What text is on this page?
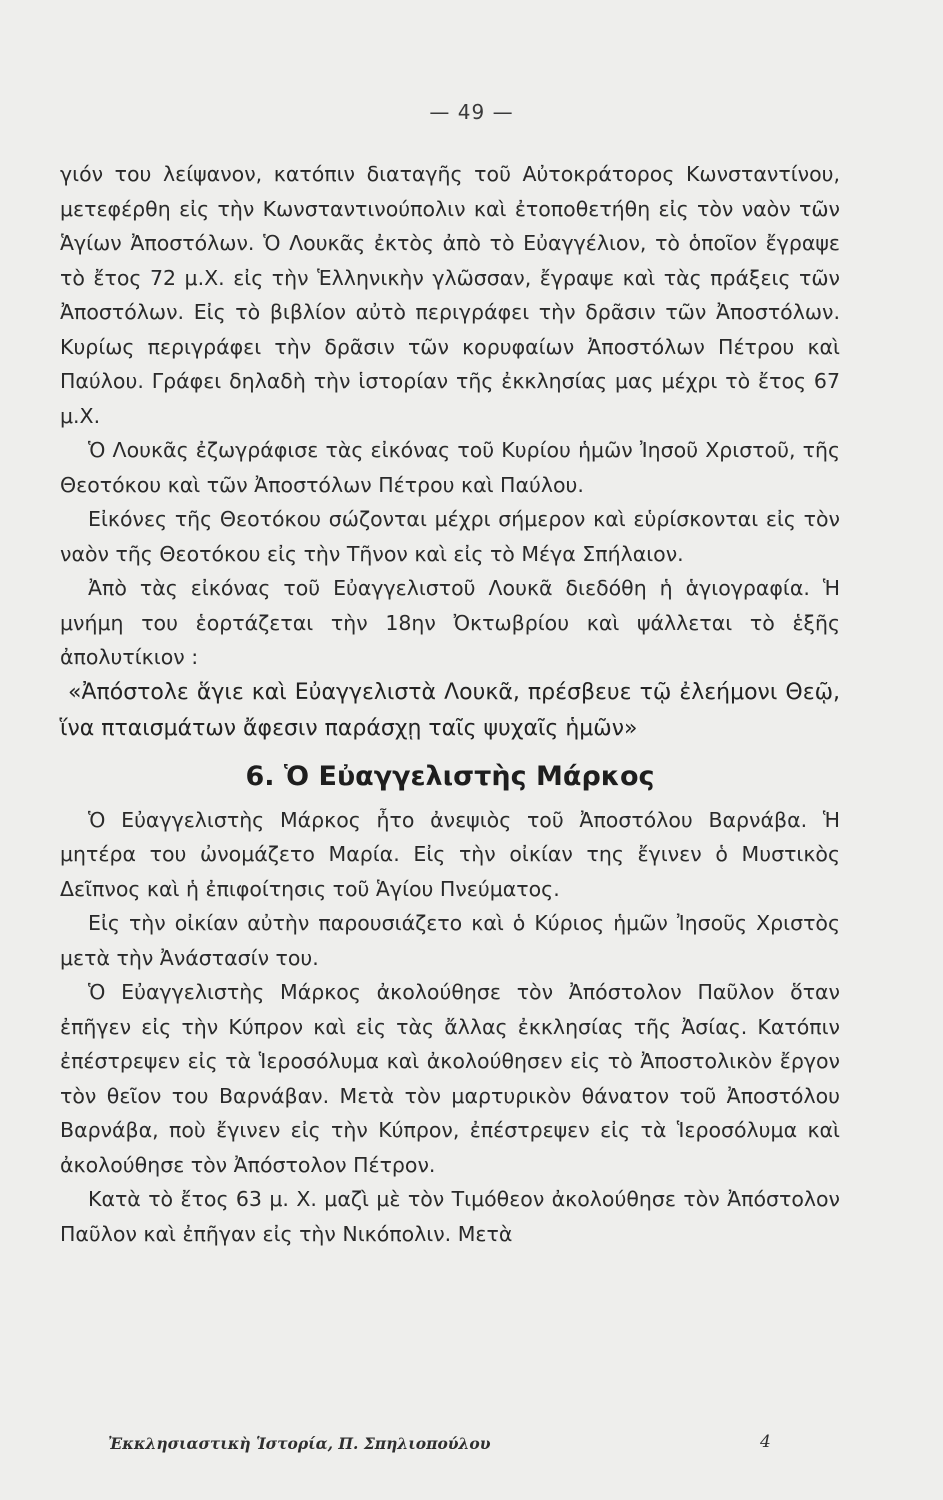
— 49 —

γιόν του λείψανον, κατόπιν διαταγῆς τοῦ Αὐτοκράτορος Κωνσταντίνου, μετεφέρθη εἰς τὴν Κωνσταντινούπολιν καὶ ἐτοποθετήθη εἰς τὸν ναὸν τῶν Ἁγίων Ἀποστόλων. Ὁ Λουκᾶς ἐκτὸς ἀπὸ τὸ Εὐαγγέλιον, τὸ ὁποῖον ἔγραψε τὸ ἔτος 72 μ.Χ. εἰς τὴν Ἑλληνικὴν γλῶσσαν, ἔγραψε καὶ τὰς πράξεις τῶν Ἀποστόλων. Εἰς τὸ βιβλίον αὐτὸ περιγράφει τὴν δρᾶσιν τῶν Ἀποστόλων. Κυρίως περιγράφει τὴν δρᾶσιν τῶν κορυφαίων Ἀποστόλων Πέτρου καὶ Παύλου. Γράφει δηλαδὴ τὴν ἱστορίαν τῆς ἐκκλησίας μας μέχρι τὸ ἔτος 67 μ.Χ.

Ὁ Λουκᾶς ἐζωγράφισε τὰς εἰκόνας τοῦ Κυρίου ἡμῶν Ἰησοῦ Χριστοῦ, τῆς Θεοτόκου καὶ τῶν Ἀποστόλων Πέτρου καὶ Παύλου.

Εἰκόνες τῆς Θεοτόκου σώζονται μέχρι σήμερον καὶ εὑρίσκονται εἰς τὸν ναὸν τῆς Θεοτόκου εἰς τὴν Τῆνον καὶ εἰς τὸ Μέγα Σπήλαιον.

Ἀπὸ τὰς εἰκόνας τοῦ Εὐαγγελιστοῦ Λουκᾶ διεδόθη ἡ ἁγιογραφία. Ἡ μνήμη του ἑορτάζεται τὴν 18ην Ὀκτωβρίου καὶ ψάλλεται τὸ ἑξῆς ἀπολυτίκιον :

«Ἀπόστολε ἅγιε καὶ Εὐαγγελιστὰ Λουκᾶ, πρέσβευε τῷ ἐλεήμονι Θεῷ, ἵνα πταισμάτων ἄφεσιν παράσχῃ ταῖς ψυχαῖς ἡμῶν»

6. Ὁ Εὐαγγελιστὴς Μάρκος

Ὁ Εὐαγγελιστὴς Μάρκος ἦτο ἀνεψιὸς τοῦ Ἀποστόλου Βαρνάβα. Ἡ μητέρα του ὠνομάζετο Μαρία. Εἰς τὴν οἰκίαν της ἔγινεν ὁ Μυστικὸς Δεῖπνος καὶ ἡ ἐπιφοίτησις τοῦ Ἁγίου Πνεύματος.

Εἰς τὴν οἰκίαν αὐτὴν παρουσιάζετο καὶ ὁ Κύριος ἡμῶν Ἰησοῦς Χριστὸς μετὰ τὴν Ἀνάστασίν του.

Ὁ Εὐαγγελιστὴς Μάρκος ἀκολούθησε τὸν Ἀπόστολον Παῦλον ὅταν ἐπῆγεν εἰς τὴν Κύπρον καὶ εἰς τὰς ἄλλας ἐκκλησίας τῆς Ἀσίας. Κατόπιν ἐπέστρεψεν εἰς τὰ Ἱεροσόλυμα καὶ ἀκολούθησεν εἰς τὸ Ἀποστολικὸν ἔργον τὸν θεῖον του Βαρνάβαν. Μετὰ τὸν μαρτυρικὸν θάνατον τοῦ Ἀποστόλου Βαρνάβα, ποὺ ἔγινεν εἰς τὴν Κύπρον, ἐπέστρεψεν εἰς τὰ Ἱεροσόλυμα καὶ ἀκολούθησε τὸν Ἀπόστολον Πέτρον.

Κατὰ τὸ ἔτος 63 μ. Χ. μαζὶ μὲ τὸν Τιμόθεον ἀκολούθησε τὸν Ἀπόστολον Παῦλον καὶ ἐπῆγαν εἰς τὴν Νικόπολιν. Μετὰ

Ἐκκλησιαστικὴ Ἱστορία, Π. Σπηλιοπούλου	4
